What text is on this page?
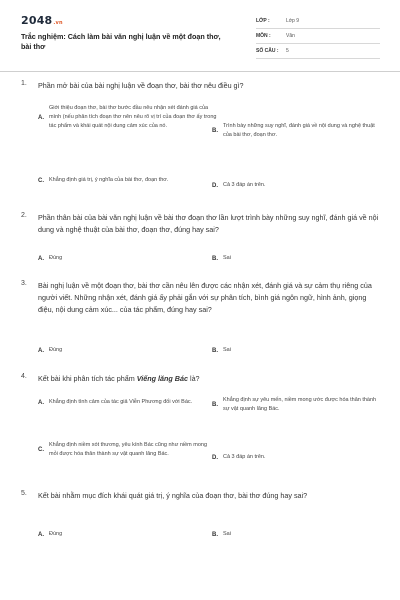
2048.vn
Trắc nghiệm: Cách làm bài văn nghị luận về một đoạn thơ, bài thơ
LỚP :	Lớp 9
MÔN :	Văn
SỐ CÂU :	5
1.	Phần mở bài của bài nghị luận về đoạn thơ, bài thơ nêu điều gì?
A.
Giới thiệu đoạn thơ, bài thơ bước đầu nêu nhận xét đánh giá của mình (nếu phân tích đoạn thơ nên nêu rõ vị trí của đoạn thơ ấy trong tác phẩm và khái quát nội dung cảm xúc của nó.
B.
Trình bày những suy nghĩ, đánh giá về nội dung và nghệ thuật của bài thơ, đoạn thơ.
C. Khẳng định giá trị, ý nghĩa của bài thơ, đoạn thơ.
D. Cả 3 đáp án trên.
2.	Phần thân bài của bài văn nghị luận về bài thơ đoạn thơ lần lượt trình bày những suy nghĩ, đánh giá về nội dung và nghệ thuật của bài thơ, đoạn thơ, đúng hay sai?
A. Đúng	B. Sai
3.	Bài nghị luận về một đoạn thơ, bài thơ cần nêu lên được các nhận xét, đánh giá và sự cảm thụ riêng của người viết. Những nhận xét, đánh giá ấy phải gắn với sự phân tích, bình giá ngôn ngữ, hình ảnh, giọng điệu, nội dung cảm xúc... của tác phẩm, đúng hay sai?
A. Đúng	B. Sai
4.	Kết bài khi phân tích tác phẩm Viếng lăng Bác là?
A. Khẳng định tình cảm của tác giả Viễn Phương đối với Bác.	B.
Khẳng định sự yêu mến, niềm mong ước được hóa thân thành sự vật quanh lăng Bác.
C.
Khẳng định niềm xót thương, yêu kính Bác cũng như niềm mong mỏi được hóa thân thành sự vật quanh lăng Bác.
D. Cả 3 đáp án trên.
5.	Kết bài nhằm mục đích khái quát giá trị, ý nghĩa của đoạn thơ, bài thơ đúng hay sai?
A. Đúng	B. Sai
